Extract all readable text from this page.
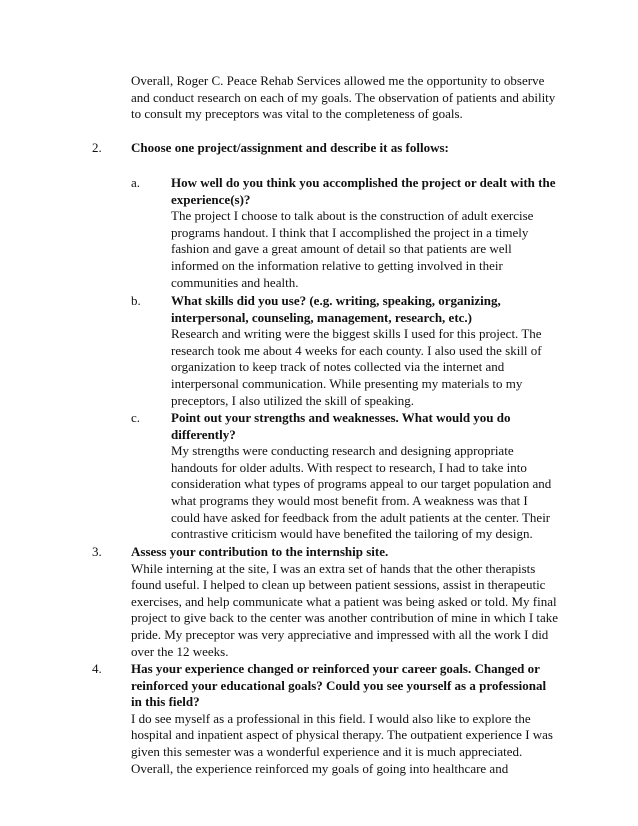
Overall, Roger C. Peace Rehab Services allowed me the opportunity to observe
and conduct research on each of my goals. The observation of patients and ability
to consult my preceptors was vital to the completeness of goals.
2. Choose one project/assignment and describe it as follows:
a. How well do you think you accomplished the project or dealt with the
experience(s)?
The project I choose to talk about is the construction of adult exercise
programs handout. I think that I accomplished the project in a timely
fashion and gave a great amount of detail so that patients are well
informed on the information relative to getting involved in their
communities and health.
b. What skills did you use? (e.g. writing, speaking, organizing,
interpersonal, counseling, management, research, etc.)
Research and writing were the biggest skills I used for this project. The
research took me about 4 weeks for each county. I also used the skill of
organization to keep track of notes collected via the internet and
interpersonal communication. While presenting my materials to my
preceptors, I also utilized the skill of speaking.
c. Point out your strengths and weaknesses. What would you do
differently?
My strengths were conducting research and designing appropriate
handouts for older adults. With respect to research, I had to take into
consideration what types of programs appeal to our target population and
what programs they would most benefit from. A weakness was that I
could have asked for feedback from the adult patients at the center. Their
contrastive criticism would have benefited the tailoring of my design.
3. Assess your contribution to the internship site.
While interning at the site, I was an extra set of hands that the other therapists
found useful. I helped to clean up between patient sessions, assist in therapeutic
exercises, and help communicate what a patient was being asked or told. My final
project to give back to the center was another contribution of mine in which I take
pride. My preceptor was very appreciative and impressed with all the work I did
over the 12 weeks.
4. Has your experience changed or reinforced your career goals. Changed or
reinforced your educational goals? Could you see yourself as a professional
in this field?
I do see myself as a professional in this field. I would also like to explore the
hospital and inpatient aspect of physical therapy. The outpatient experience I was
given this semester was a wonderful experience and it is much appreciated.
Overall, the experience reinforced my goals of going into healthcare and
